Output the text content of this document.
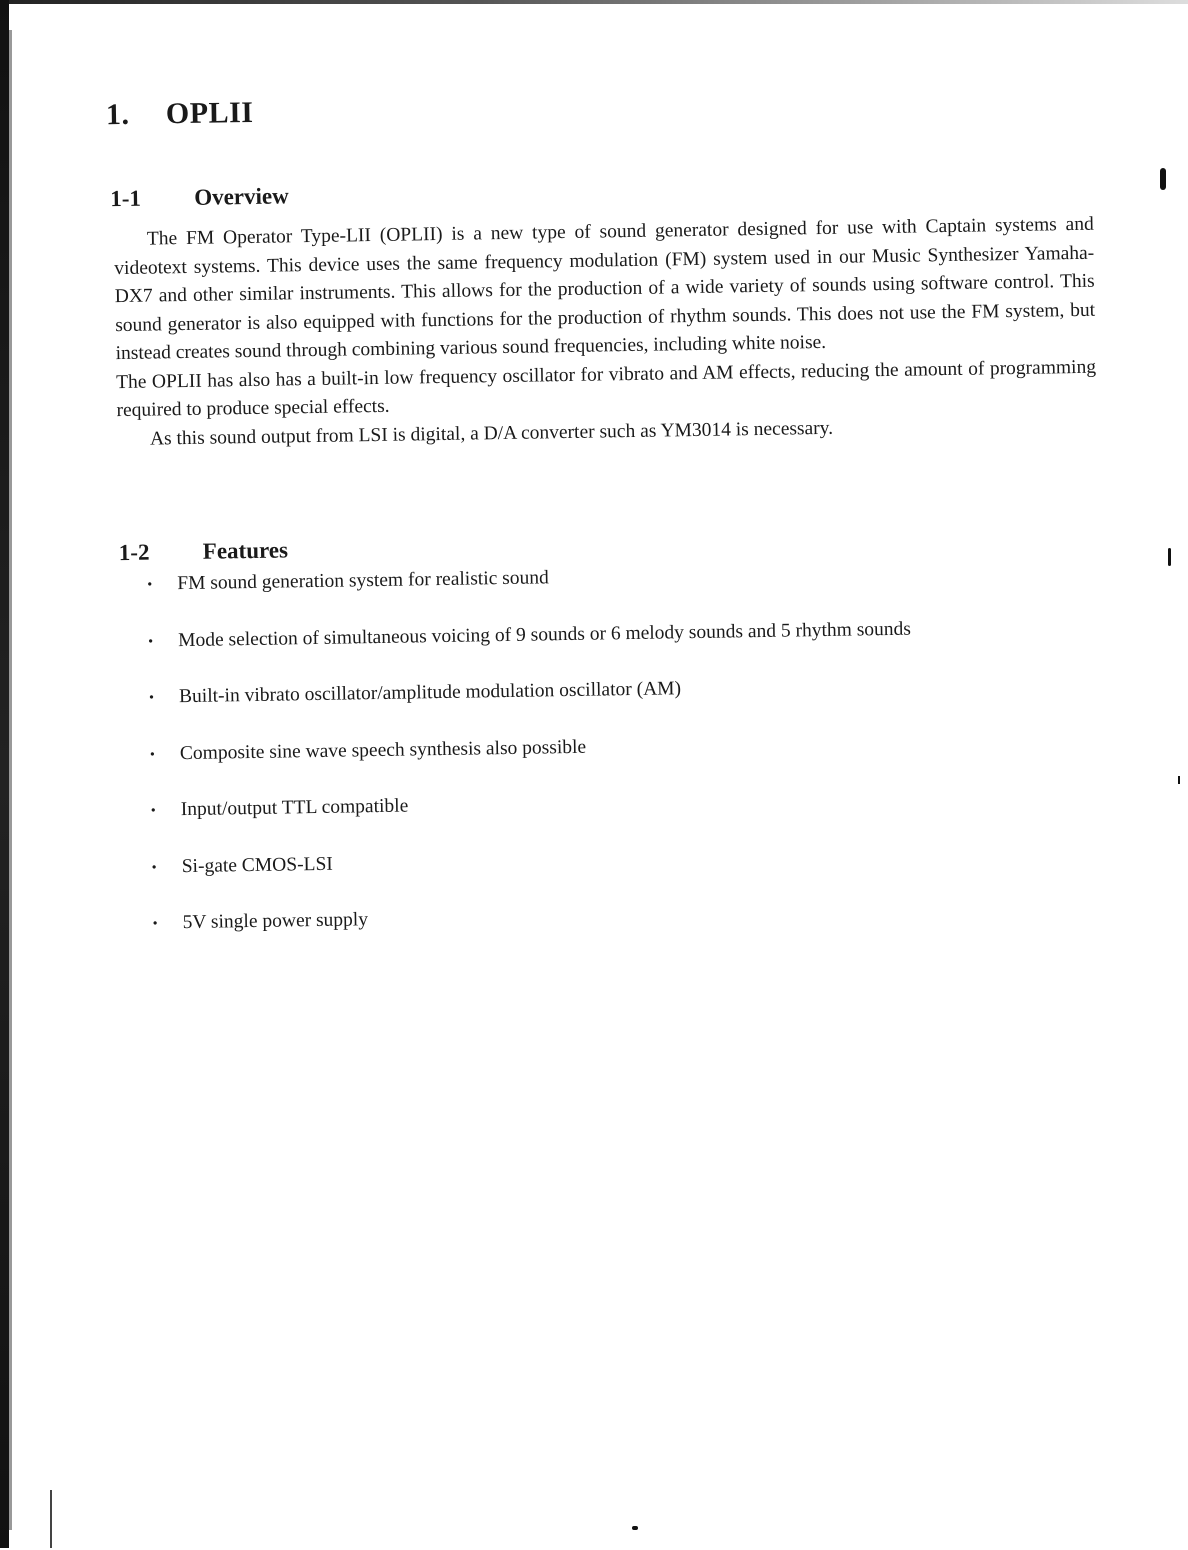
1. OPLII
1-1 Overview

The FM Operator Type-LII (OPLII) is a new type of sound generator designed for use with Captain systems and videotext systems. This device uses the same frequency modulation (FM) system used in our Music Synthesizer Yamaha-DX7 and other similar instruments. This allows for the production of a wide variety of sounds using software control. This sound generator is also equipped with functions for the production of rhythm sounds. This does not use the FM system, but instead creates sound through combining various sound frequencies, including white noise.

The OPLII has also has a built-in low frequency oscillator for vibrato and AM effects, reducing the amount of programming required to produce special effects.

As this sound output from LSI is digital, a D/A converter such as YM3014 is necessary.

1-2 Features
•	FM sound generation system for realistic sound
•	Mode selection of simultaneous voicing of 9 sounds or 6 melody sounds and 5 rhythm sounds
•	Built-in vibrato oscillator/amplitude modulation oscillator (AM)
•	Composite sine wave speech synthesis also possible
•	Input/output TTL compatible
•	Si-gate CMOS-LSI
•	5V single power supply
